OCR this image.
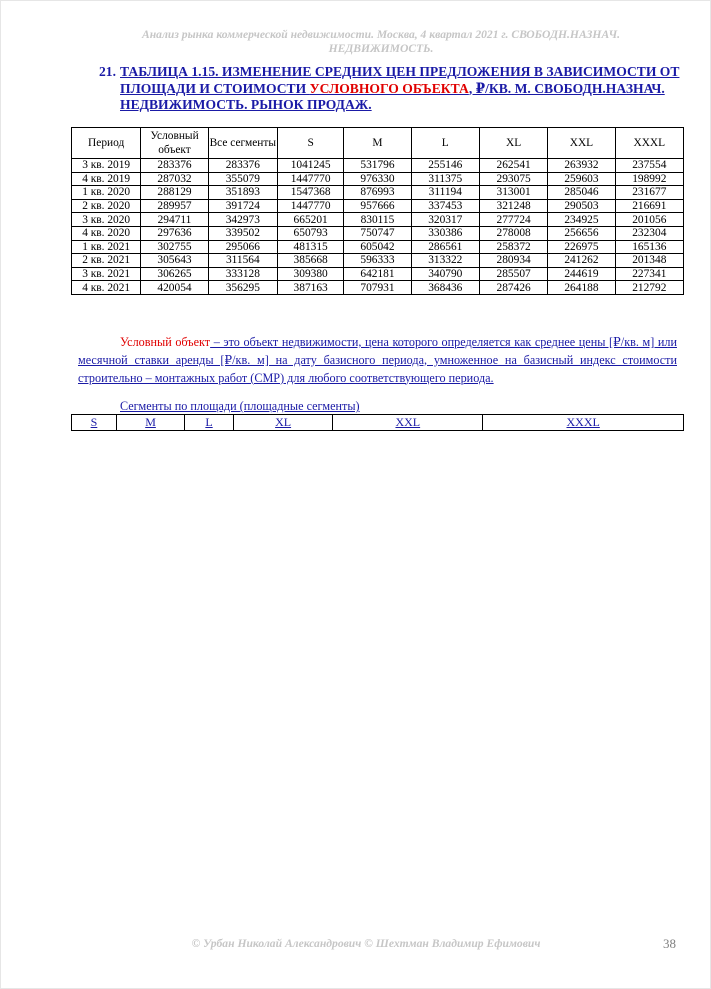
Анализ рынка коммерческой недвижимости. Москва, 4 квартал 2021 г. СВОБОДН.НАЗНАЧ.
НЕДВИЖИМОСТЬ.
21. ТАБЛИЦА 1.15. ИЗМЕНЕНИЕ СРЕДНИХ ЦЕН ПРЕДЛОЖЕНИЯ В ЗАВИСИМОСТИ ОТ ПЛОЩАДИ И СТОИМОСТИ УСЛОВНОГО ОБЪЕКТА, ₽/КВ. М. СВОБОДН.НАЗНАЧ. НЕДВИЖИМОСТЬ. РЫНОК ПРОДАЖ.
Период	Условный объект	Все сегменты	S	M	L	XL	XXL	XXXL
3 кв. 2019	283376	283376	1041245	531796	255146	262541	263932	237554
4 кв. 2019	287032	355079	1447770	976330	311375	293075	259603	198992
1 кв. 2020	288129	351893	1547368	876993	311194	313001	285046	231677
2 кв. 2020	289957	391724	1447770	957666	337453	321248	290503	216691
3 кв. 2020	294711	342973	665201	830115	320317	277724	234925	201056
4 кв. 2020	297636	339502	650793	750747	330386	278008	256656	232304
1 кв. 2021	302755	295066	481315	605042	286561	258372	226975	165136
2 кв. 2021	305643	311564	385668	596333	313322	280934	241262	201348
3 кв. 2021	306265	333128	309380	642181	340790	285507	244619	227341
4 кв. 2021	420054	356295	387163	707931	368436	287426	264188	212792
Условный объект – это объект недвижимости, цена которого определяется как среднее цены [₽/кв. м] или месячной ставки аренды [₽/кв. м] на дату базисного периода, умноженное на базисный индекс стоимости строительно – монтажных работ (СМР) для любого соответствующего периода.
Сегменты по площади (площадные сегменты)
S	M	L	XL	XXL	XXXL
© Урбан Николай Александрович © Шехтман Владимир Ефимович	38
